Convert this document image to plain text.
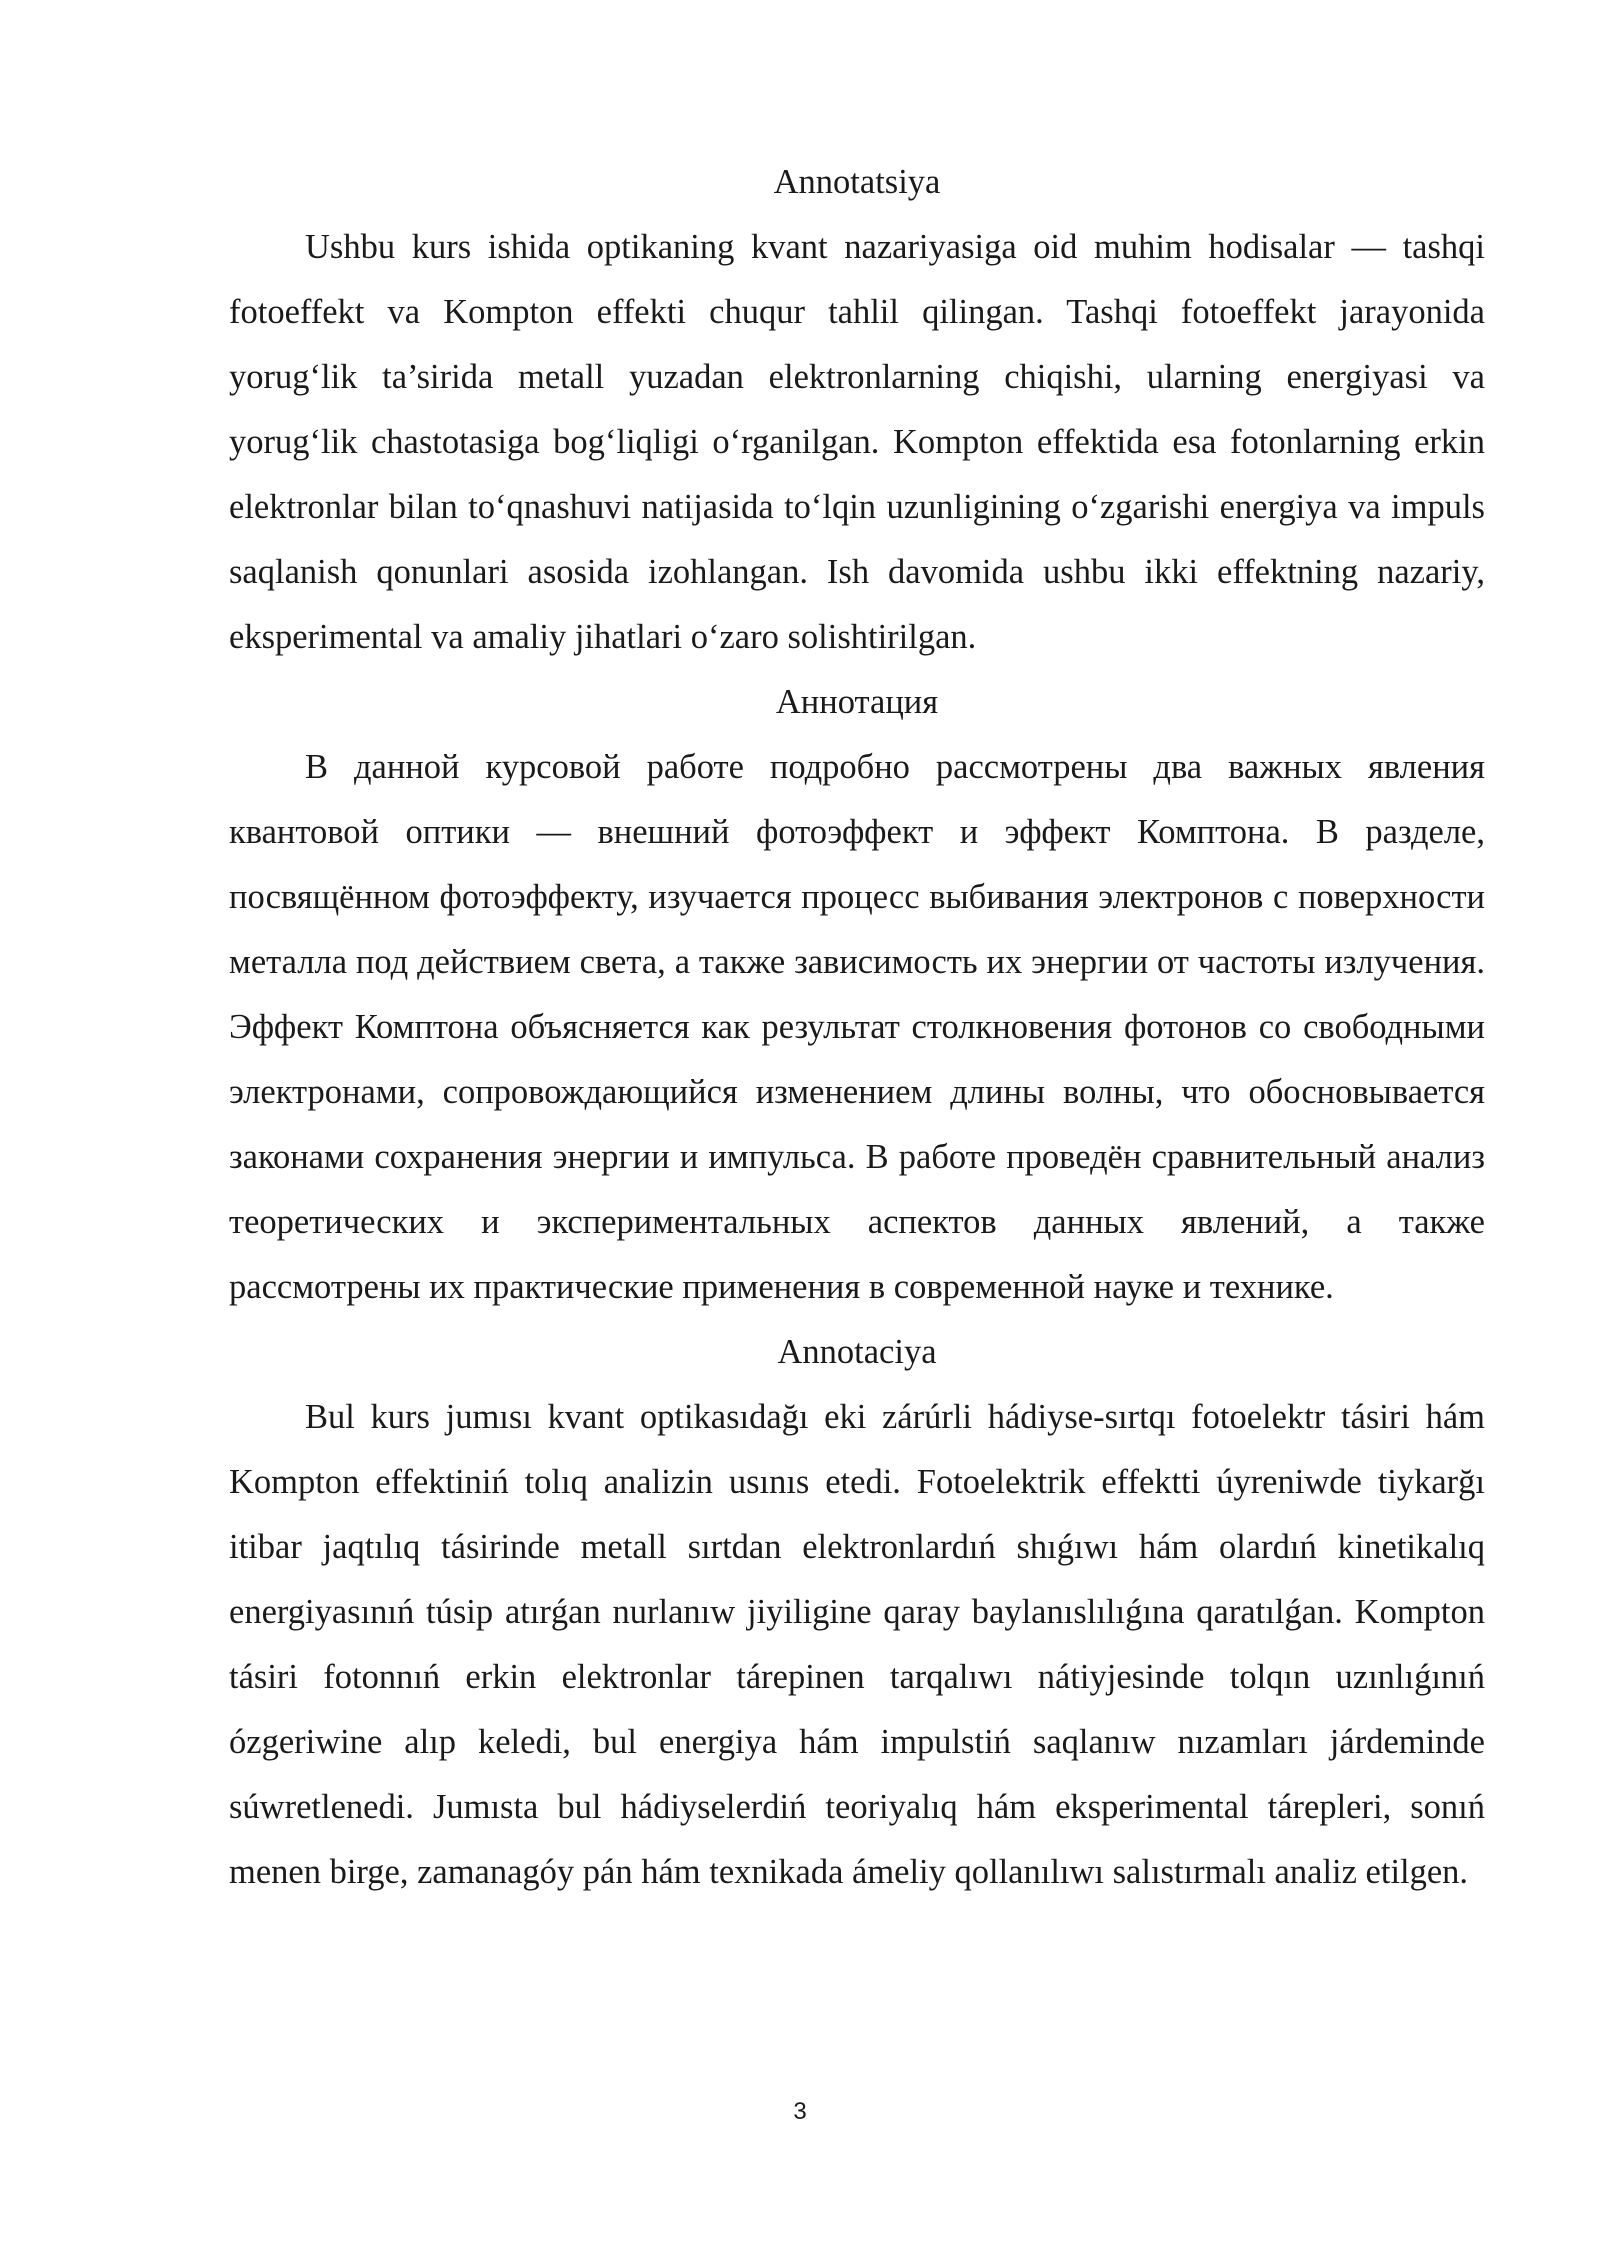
Annotatsiya

Ushbu kurs ishida optikaning kvant nazariyasiga oid muhim hodisalar — tashqi fotoeffekt va Kompton effekti chuqur tahlil qilingan. Tashqi fotoeffekt jarayonida yorug‘lik ta’sirida metall yuzadan elektronlarning chiqishi, ularning energiyasi va yorug‘lik chastotasiga bog‘liqligi o‘rganilgan. Kompton effektida esa fotonlarning erkin elektronlar bilan to‘qnashuvi natijasida to‘lqin uzunligining o‘zgarishi energiya va impuls saqlanish qonunlari asosida izohlangan. Ish davomida ushbu ikki effektning nazariy, eksperimental va amaliy jihatlari o‘zaro solishtirilgan.

Аннотация

В данной курсовой работе подробно рассмотрены два важных явления квантовой оптики — внешний фотоэффект и эффект Комптона. В разделе, посвящённом фотоэффекту, изучается процесс выбивания электронов с поверхности металла под действием света, а также зависимость их энергии от частоты излучения. Эффект Комптона объясняется как результат столкновения фотонов со свободными электронами, сопровождающийся изменением длины волны, что обосновывается законами сохранения энергии и импульса. В работе проведён сравнительный анализ теоретических и экспериментальных аспектов данных явлений, а также рассмотрены их практические применения в современной науке и технике.

Annotaciya

Bul kurs jumısı kvant optikasıdağı eki zárúrli hádiyse-sırtqı fotoelektr tásiri hám Kompton effektiniń tolıq analizin usınıs etedi. Fotoelektrik effektti úyreniwde tiykarğı itibar jaqtılıq tásirinde metall sırtdan elektronlardıń shıǵıwı hám olardıń kinetikalıq energiyasınıń túsip atırǵan nurlanıw jiyiligine qaray baylanıslılıǵına qaratılǵan. Kompton tásiri fotonnıń erkin elektronlar tárepinen tarqalıwı nátiyjesinde tolqın uzınlıǵınıń ózgeriwine alıp keledi, bul energiya hám impulstiń saqlanıw nızamları járdeminde súwretlenedi. Jumısta bul hádiyselerdiń teoriyalıq hám eksperimental tárepleri, sonıń menen birge, zamanagóy pán hám texnikada ámeliy qollanılıwı salıstırmalı analiz etilgen.

3
